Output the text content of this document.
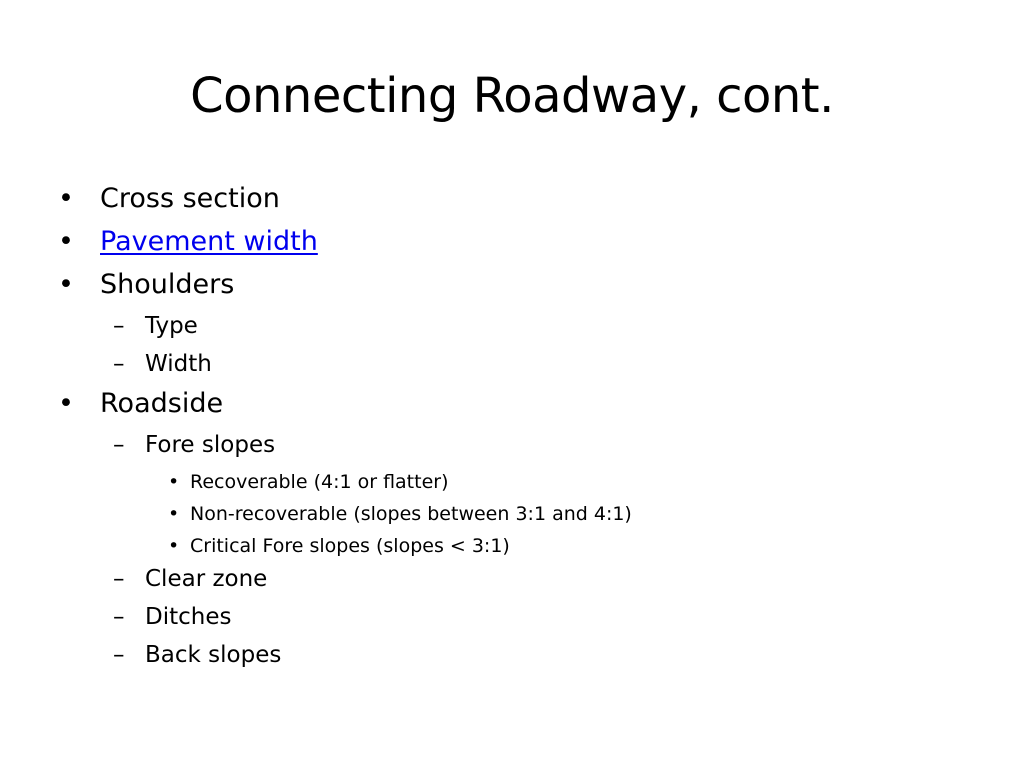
Connecting Roadway, cont.
• Cross section
• Pavement width
• Shoulders
– Type
– Width
• Roadside
– Fore slopes
• Recoverable (4:1 or flatter)
• Non-recoverable (slopes between 3:1 and 4:1)
• Critical Fore slopes (slopes < 3:1)
– Clear zone
– Ditches
– Back slopes
